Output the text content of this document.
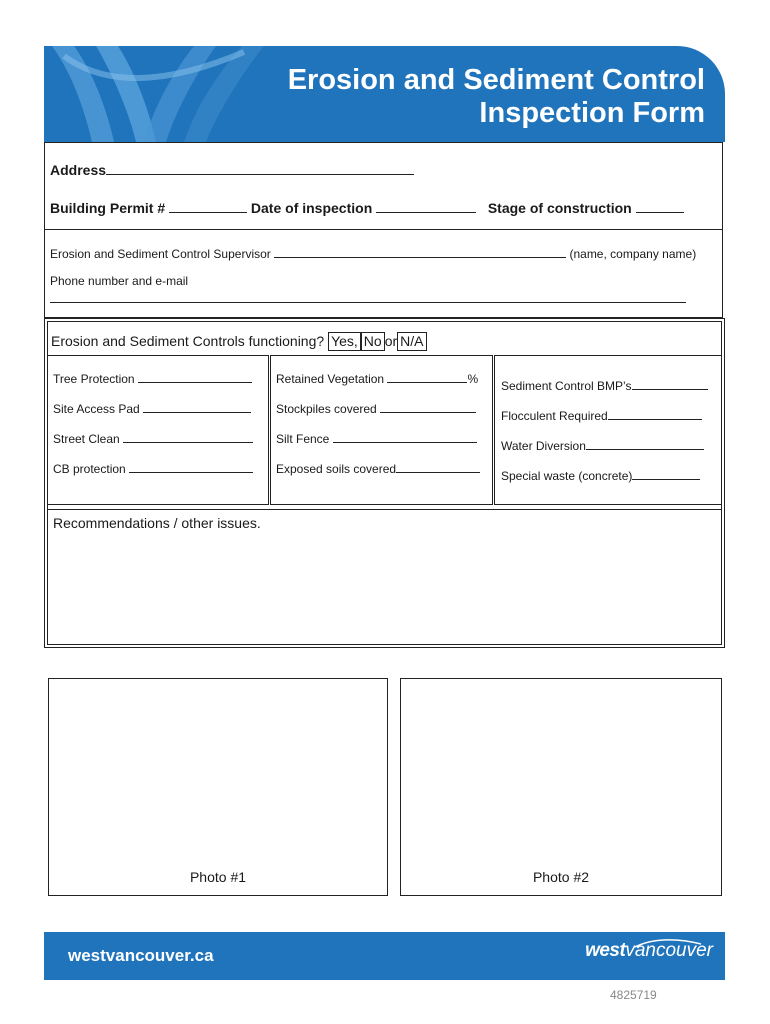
Erosion and Sediment Control
Inspection Form
Address
Building Permit #	Date of inspection	Stage of construction
Erosion and Sediment Control Supervisor	(name, company name)
Phone number and e-mail
Erosion and Sediment Controls functioning? Yes, No or N/A
Tree Protection
Site Access Pad
Street Clean
CB protection
Retained Vegetation	%
Stockpiles covered
Silt Fence
Exposed soils covered
Sediment Control BMP’s
Flocculent Required
Water Diversion
Special waste (concrete)
Recommendations / other issues.
Photo #1	Photo #2
westvancouver.ca	westvancouver
4825719
